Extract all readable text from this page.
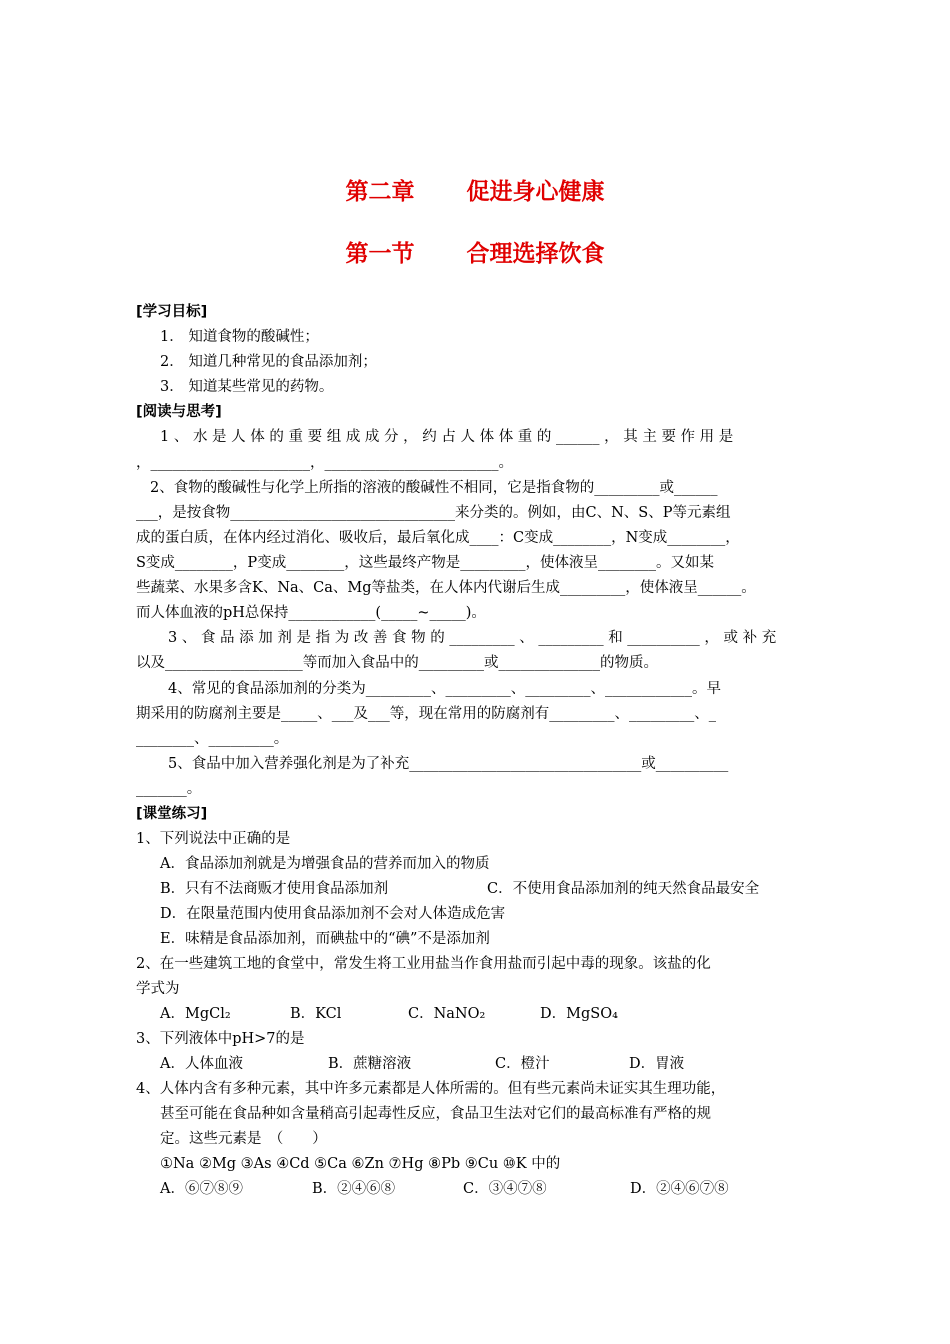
第二章 促进身心健康
第一节 合理选择饮食
[学习目标]
1． 知道食物的酸碱性；
2． 知道几种常见的食品添加剂；
3． 知道某些常见的药物。
[阅读与思考]
1 、 水 是 人 体 的 重 要 组 成 成 分 ， 约 占 人 体 体 重 的 ______ ， 其 主 要 作 用 是
，______________________，________________________。
2、食物的酸碱性与化学上所指的溶液的酸碱性不相同，它是指食物的_________或______
___，是按食物_______________________________来分类的。例如，由C、N、S、P等元素组
成的蛋白质，在体内经过消化、吸收后，最后氧化成____：C变成________，N变成________，
S变成________，P变成________，这些最终产物是_________，使体液呈________。又如某
些蔬菜、水果多含K、Na、Ca、Mg等盐类，在人体内代谢后生成_________，使体液呈______。
而人体血液的pH总保持____________(_____~_____)。
3 、 食 品 添 加 剂 是 指 为 改 善 食 物 的 _________ 、 _________ 和 __________ ， 或 补 充
以及___________________等而加入食品中的_________或______________的物质。
4、常见的食品添加剂的分类为_________、_________、_________、____________。早
期采用的防腐剂主要是_____、___及___等，现在常用的防腐剂有_________、_________、_
________、_________。
5、食品中加入营养强化剂是为了补充________________________________或__________
_______。
[课堂练习]
1、下列说法中正确的是
A．食品添加剂就是为增强食品的营养而加入的物质
B．只有不法商贩才使用食品添加剂	C．不使用食品添加剂的纯天然食品最安全
D．在限量范围内使用食品添加剂不会对人体造成危害
E．味精是食品添加剂，而碘盐中的“碘”不是添加剂
2、在一些建筑工地的食堂中，常发生将工业用盐当作食用盐而引起中毒的现象。该盐的化
学式为
A．MgCl₂	B．KCl	C．NaNO₂	D．MgSO₄
3、下列液体中pH>7的是
A．人体血液	B．蔗糖溶液	C．橙汁	D．胃液
4、人体内含有多种元素，其中许多元素都是人体所需的。但有些元素尚未证实其生理功能，
甚至可能在食品种如含量稍高引起毒性反应，食品卫生法对它们的最高标准有严格的规
定。这些元素是　（　　）
①Na ②Mg ③As ④Cd ⑤Ca ⑥Zn ⑦Hg ⑧Pb ⑨Cu ⑩K 中的
A．⑥⑦⑧⑨	B．②④⑥⑧	C．③④⑦⑧	D．②④⑥⑦⑧
